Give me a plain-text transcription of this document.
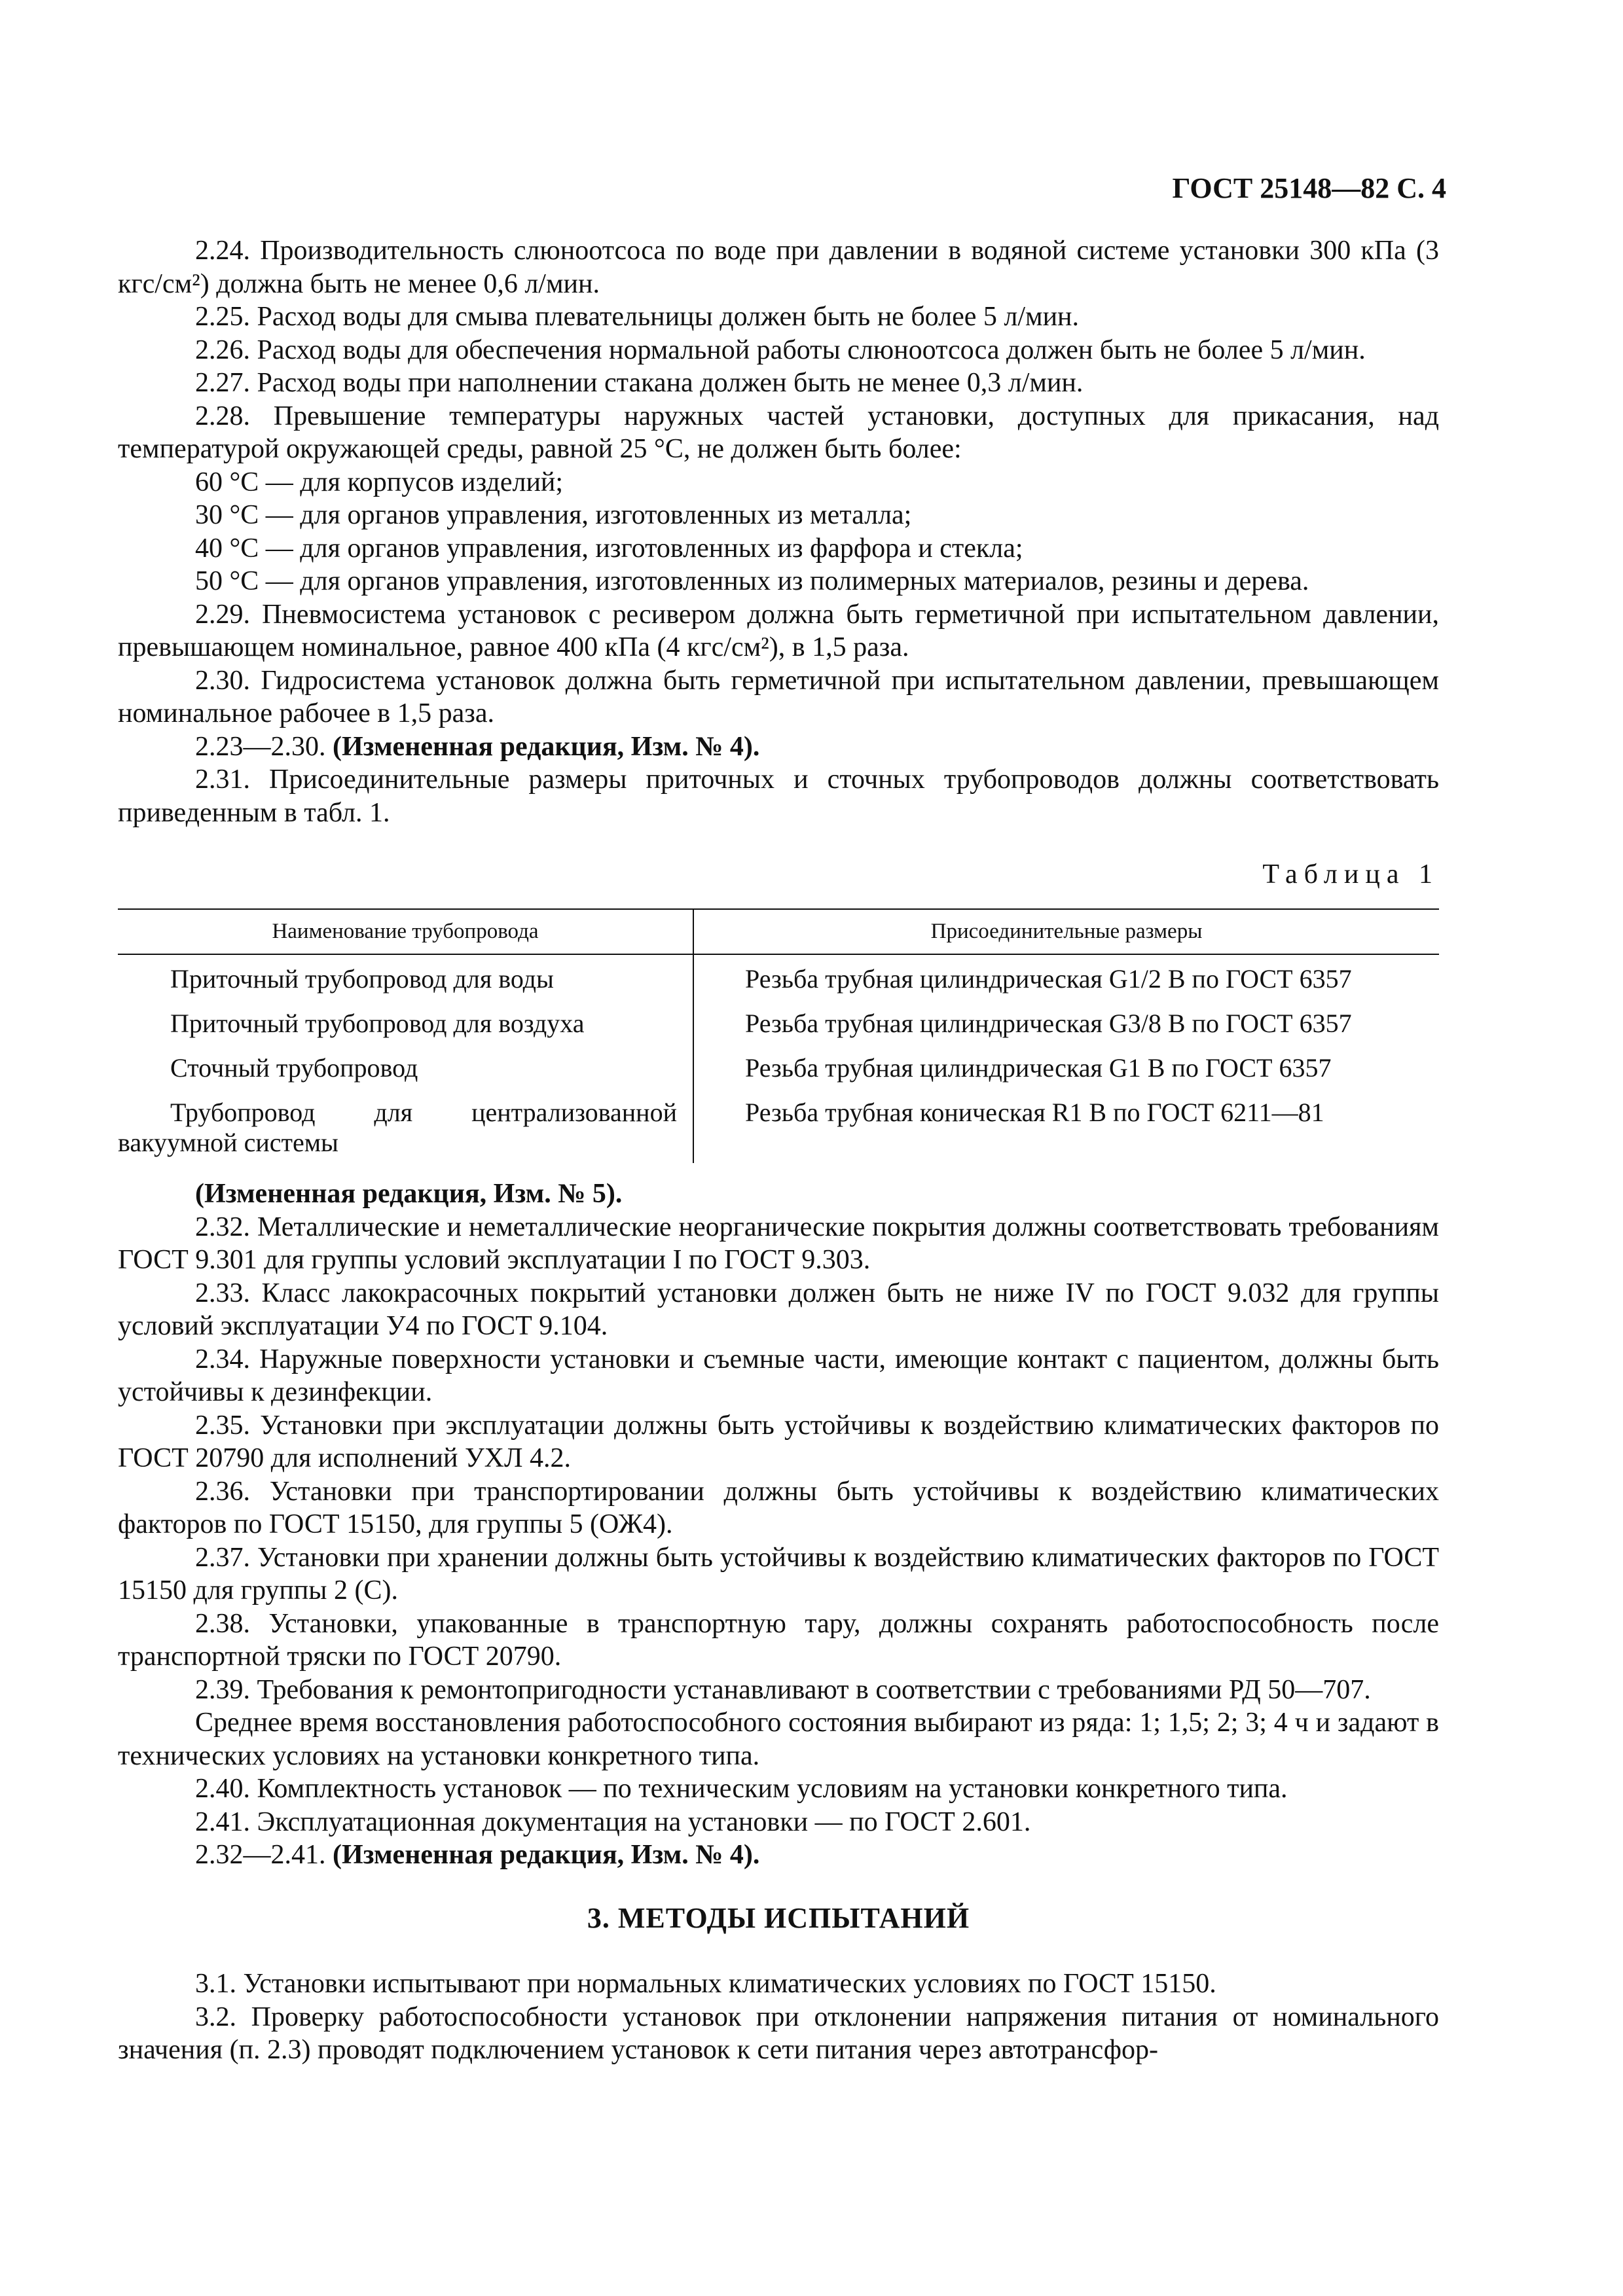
ГОСТ 25148—82 С. 4

2.24. Производительность слюноотсоса по воде при давлении в водяной системе установки 300 кПа (3 кгс/см²) должна быть не менее 0,6 л/мин.

2.25. Расход воды для смыва плевательницы должен быть не более 5 л/мин.

2.26. Расход воды для обеспечения нормальной работы слюноотсоса должен быть не более 5 л/мин.

2.27. Расход воды при наполнении стакана должен быть не менее 0,3 л/мин.

2.28. Превышение температуры наружных частей установки, доступных для прикасания, над температурой окружающей среды, равной 25 °С, не должен быть более:

60 °С — для корпусов изделий;

30 °С — для органов управления, изготовленных из металла;

40 °С — для органов управления, изготовленных из фарфора и стекла;

50 °С — для органов управления, изготовленных из полимерных материалов, резины и дерева.

2.29. Пневмосистема установок с ресивером должна быть герметичной при испытательном давлении, превышающем номинальное, равное 400 кПа (4 кгс/см²), в 1,5 раза.

2.30. Гидросистема установок должна быть герметичной при испытательном давлении, превышающем номинальное рабочее в 1,5 раза.

2.23—2.30. (Измененная редакция, Изм. № 4).

2.31. Присоединительные размеры приточных и сточных трубопроводов должны соответствовать приведенным в табл. 1.

Таблица 1
Наименование трубопровода	Присоединительные размеры

Приточный трубопровод для воды	Резьба трубная цилиндрическая G1/2 В по ГОСТ 6357

Приточный трубопровод для воздуха	Резьба трубная цилиндрическая G3/8 В по ГОСТ 6357

Сточный трубопровод	Резьба трубная цилиндрическая G1 В по ГОСТ 6357

Трубопровод для централизованной вакуумной системы	Резьба трубная коническая R1 В по ГОСТ 6211—81

(Измененная редакция, Изм. № 5).

2.32. Металлические и неметаллические неорганические покрытия должны соответствовать требованиям ГОСТ 9.301 для группы условий эксплуатации I по ГОСТ 9.303.

2.33. Класс лакокрасочных покрытий установки должен быть не ниже IV по ГОСТ 9.032 для группы условий эксплуатации У4 по ГОСТ 9.104.

2.34. Наружные поверхности установки и съемные части, имеющие контакт с пациентом, должны быть устойчивы к дезинфекции.

2.35. Установки при эксплуатации должны быть устойчивы к воздействию климатических факторов по ГОСТ 20790 для исполнений УХЛ 4.2.

2.36. Установки при транспортировании должны быть устойчивы к воздействию климатических факторов по ГОСТ 15150, для группы 5 (ОЖ4).

2.37. Установки при хранении должны быть устойчивы к воздействию климатических факторов по ГОСТ 15150 для группы 2 (С).

2.38. Установки, упакованные в транспортную тару, должны сохранять работоспособность после транспортной тряски по ГОСТ 20790.

2.39. Требования к ремонтопригодности устанавливают в соответствии с требованиями РД 50—707.

Среднее время восстановления работоспособного состояния выбирают из ряда: 1; 1,5; 2; 3; 4 ч и задают в технических условиях на установки конкретного типа.

2.40. Комплектность установок — по техническим условиям на установки конкретного типа.

2.41. Эксплуатационная документация на установки — по ГОСТ 2.601.

2.32—2.41. (Измененная редакция, Изм. № 4).

3. МЕТОДЫ ИСПЫТАНИЙ

3.1. Установки испытывают при нормальных климатических условиях по ГОСТ 15150.

3.2. Проверку работоспособности установок при отклонении напряжения питания от номинального значения (п. 2.3) проводят подключением установок к сети питания через автотрансфор-
